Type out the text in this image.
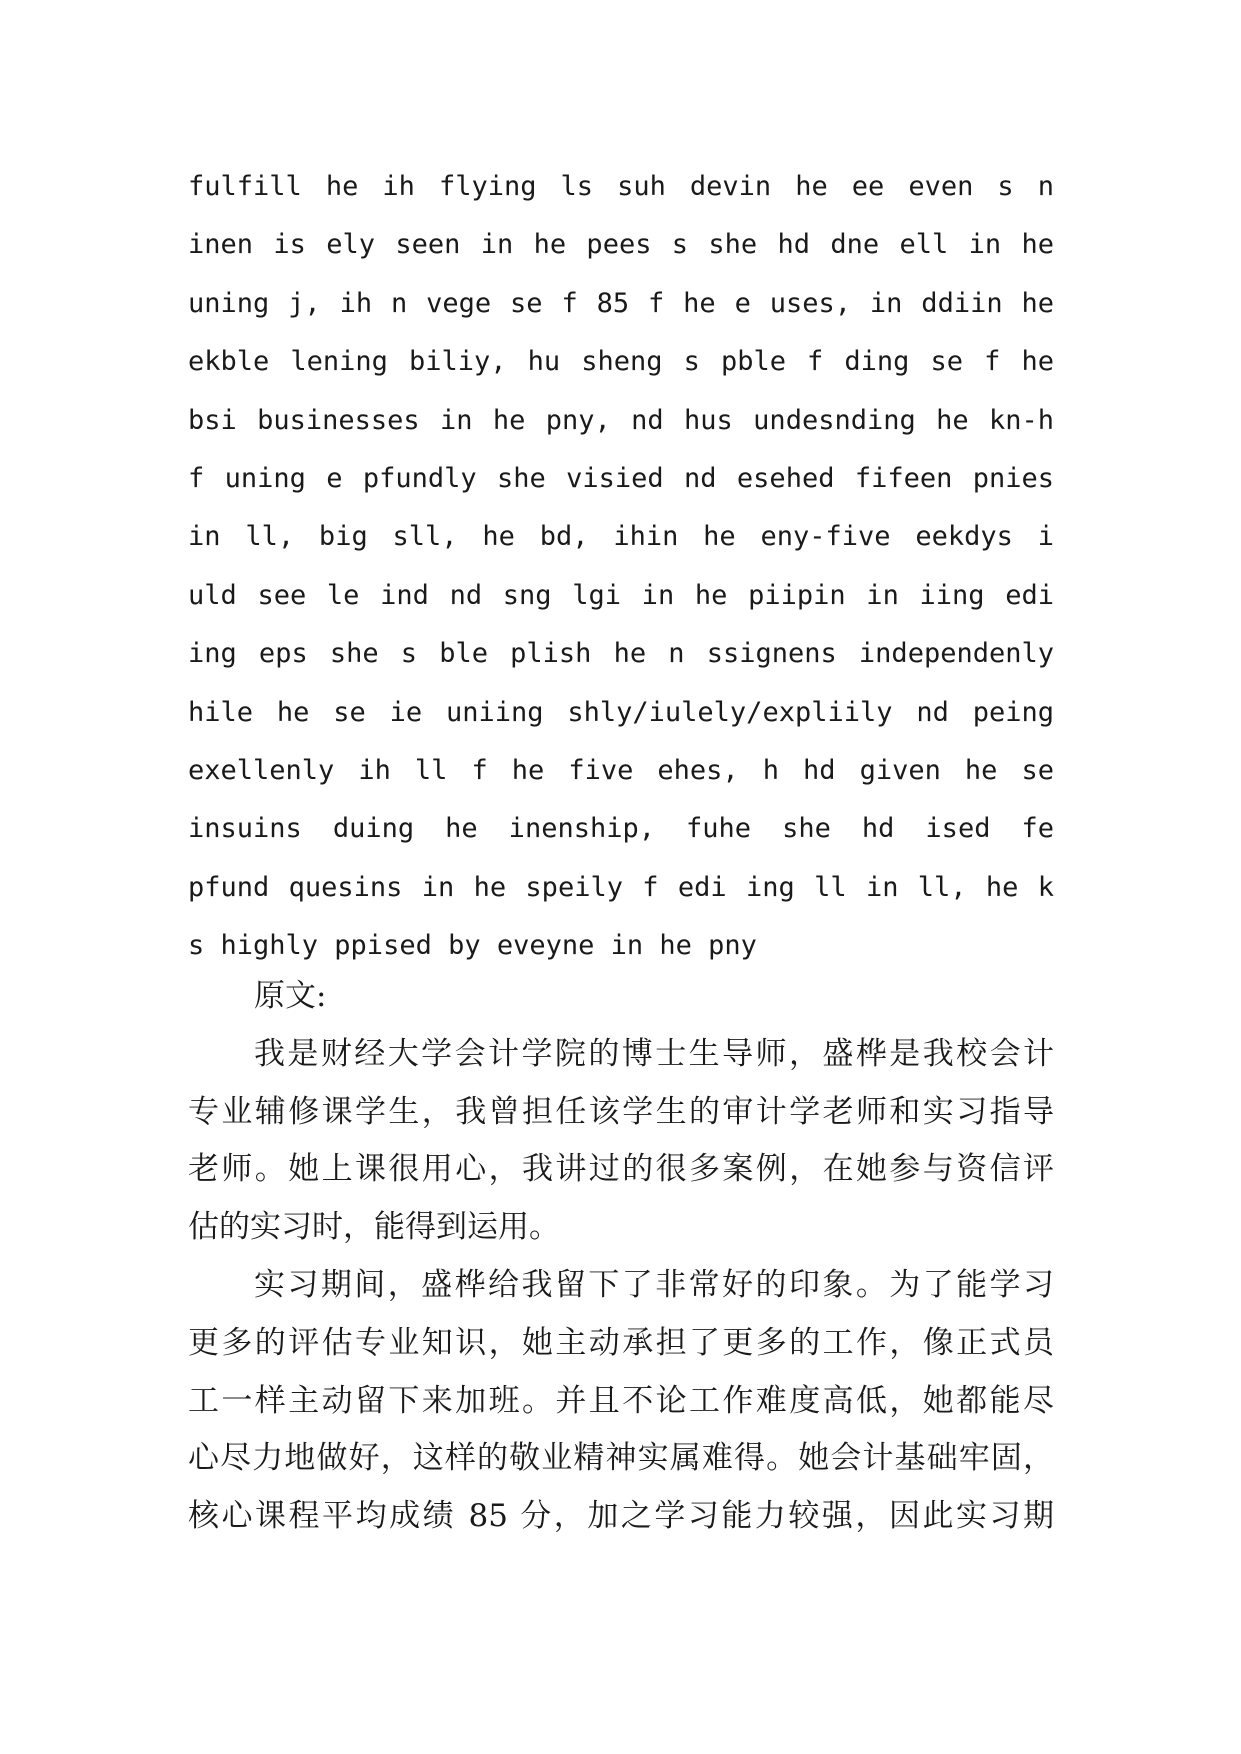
fulfill he ih flying ls suh devin he ee even s n
inen is ely seen in he pees s she hd dne ell in he
uning j, ih n vege se f 85 f he e uses, in ddiin he
ekble lening biliy, hu sheng s pble f ding se f he
bsi businesses in he pny, nd hus undesnding he kn-h
f uning e pfundly she visied nd esehed fifeen pnies
in ll, big sll, he bd, ihin he eny-five eekdys i
uld see le ind nd sng lgi in he piipin in iing edi
ing eps she s ble plish he n ssignens independenly
hile he se ie uniing shly/iulely/expliily nd peing
exellenly ih ll f he five ehes, h hd given he se
insuins duing he inenship, fuhe she hd ised fe
pfund quesins in he speily f edi ing ll in ll, he k
s highly ppised by eveyne in he pny
原文:
我是财经大学会计学院的博士生导师，盛桦是我校会计
专业辅修课学生，我曾担任该学生的审计学老师和实习指导
老师。她上课很用心，我讲过的很多案例，在她参与资信评
估的实习时，能得到运用。
实习期间，盛桦给我留下了非常好的印象。为了能学习
更多的评估专业知识，她主动承担了更多的工作，像正式员
工一样主动留下来加班。并且不论工作难度高低，她都能尽
心尽力地做好，这样的敬业精神实属难得。她会计基础牢固，
核心课程平均成绩 85 分，加之学习能力较强，因此实习期
